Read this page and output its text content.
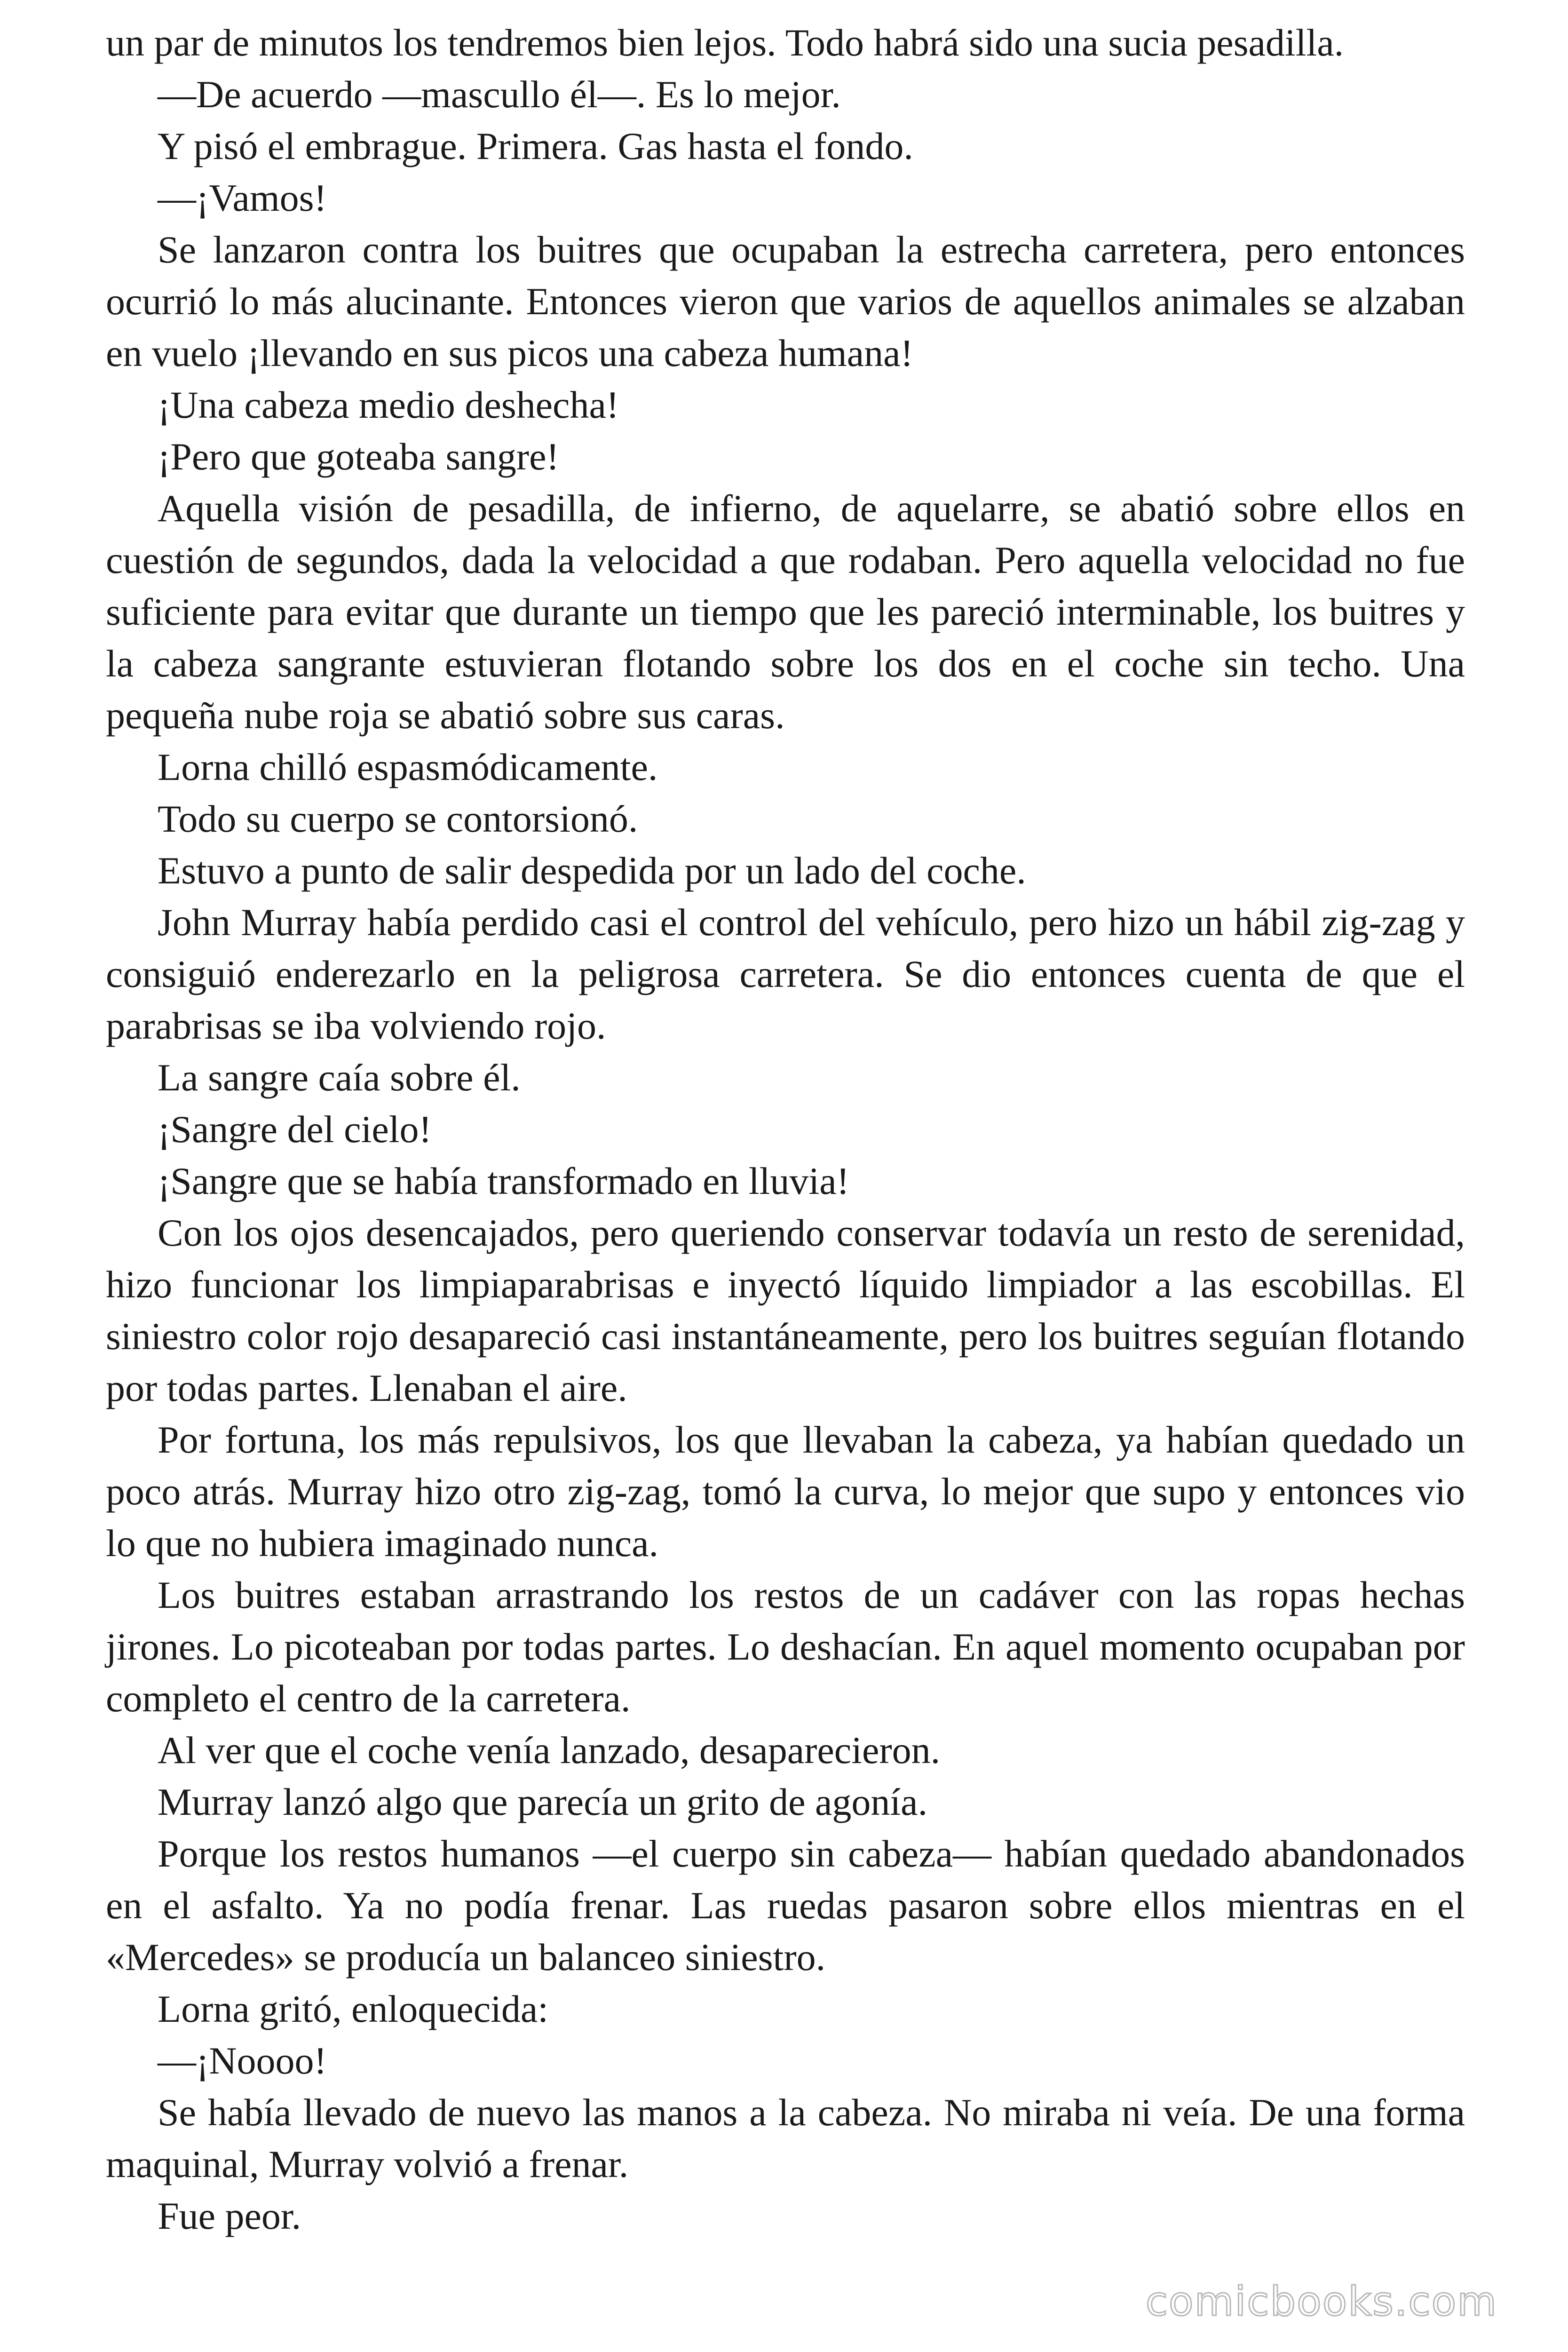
un par de minutos los tendremos bien lejos. Todo habrá sido una sucia pesadilla.

—De acuerdo —mascullo él—. Es lo mejor.

Y pisó el embrague. Primera. Gas hasta el fondo.

—¡Vamos!

Se lanzaron contra los buitres que ocupaban la estrecha carretera, pero entonces ocurrió lo más alucinante. Entonces vieron que varios de aquellos animales se alzaban en vuelo ¡llevando en sus picos una cabeza humana!

¡Una cabeza medio deshecha!

¡Pero que goteaba sangre!

Aquella visión de pesadilla, de infierno, de aquelarre, se abatió sobre ellos en cuestión de segundos, dada la velocidad a que rodaban. Pero aquella velocidad no fue suficiente para evitar que durante un tiempo que les pareció interminable, los buitres y la cabeza sangrante estuvieran flotando sobre los dos en el coche sin techo. Una pequeña nube roja se abatió sobre sus caras.

Lorna chilló espasmódicamente.

Todo su cuerpo se contorsionó.

Estuvo a punto de salir despedida por un lado del coche.

John Murray había perdido casi el control del vehículo, pero hizo un hábil zig-zag y consiguió enderezarlo en la peligrosa carretera. Se dio entonces cuenta de que el parabrisas se iba volviendo rojo.

La sangre caía sobre él.

¡Sangre del cielo!

¡Sangre que se había transformado en lluvia!

Con los ojos desencajados, pero queriendo conservar todavía un resto de serenidad, hizo funcionar los limpiaparabrisas e inyectó líquido limpiador a las escobillas. El siniestro color rojo desapareció casi instantáneamente, pero los buitres seguían flotando por todas partes. Llenaban el aire.

Por fortuna, los más repulsivos, los que llevaban la cabeza, ya habían quedado un poco atrás. Murray hizo otro zig-zag, tomó la curva, lo mejor que supo y entonces vio lo que no hubiera imaginado nunca.

Los buitres estaban arrastrando los restos de un cadáver con las ropas hechas jirones. Lo picoteaban por todas partes. Lo deshacían. En aquel momento ocupaban por completo el centro de la carretera.

Al ver que el coche venía lanzado, desaparecieron.

Murray lanzó algo que parecía un grito de agonía.

Porque los restos humanos —el cuerpo sin cabeza— habían quedado abandonados en el asfalto. Ya no podía frenar. Las ruedas pasaron sobre ellos mientras en el «Mercedes» se producía un balanceo siniestro.

Lorna gritó, enloquecida:

—¡Noooo!

Se había llevado de nuevo las manos a la cabeza. No miraba ni veía. De una forma maquinal, Murray volvió a frenar.

Fue peor.

comicbooks.com
